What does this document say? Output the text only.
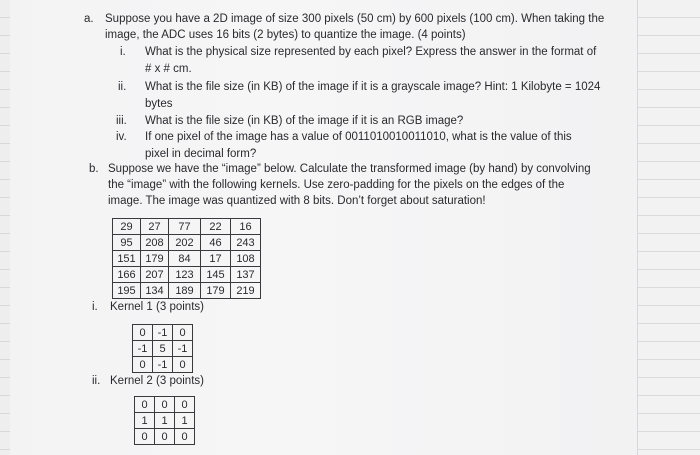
a. Suppose you have a 2D image of size 300 pixels (50 cm) by 600 pixels (100 cm). When taking the
image, the ADC uses 16 bits (2 bytes) to quantize the image. (4 points)
i. What is the physical size represented by each pixel? Express the answer in the format of
# x # cm.
ii. What is the file size (in KB) of the image if it is a grayscale image? Hint: 1 Kilobyte = 1024
bytes
iii. What is the file size (in KB) of the image if it is an RGB image?
iv. If one pixel of the image has a value of 0011010010011010, what is the value of this
pixel in decimal form?
b. Suppose we have the “image” below. Calculate the transformed image (by hand) by convolving
the “image” with the following kernels. Use zero-padding for the pixels on the edges of the
image. The image was quantized with 8 bits. Don’t forget about saturation!
29	27	77	22	16
95	208	202	46	243
151	179	84	17	108
166	207	123	145	137
195	134	189	179	219
i. Kernel 1 (3 points)
0	-1	0
-1	5	-1
0	-1	0
ii. Kernel 2 (3 points)
0	0	0
1	1	1
0	0	0
